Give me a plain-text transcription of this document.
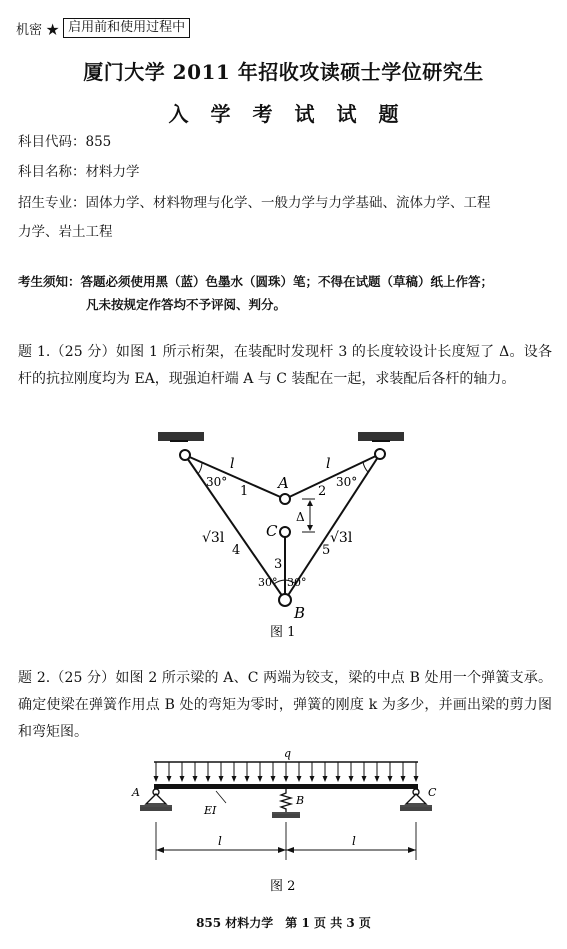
机密 ★ 启用前和使用过程中
厦门大学 2011 年招收攻读硕士学位研究生
入学考试试题
科目代码：855
科目名称：材料力学
招生专业：固体力学、材料物理与化学、一般力学与力学基础、流体力学、工程
力学、岩土工程
考生须知：答题必须使用黑（蓝）色墨水（圆珠）笔；不得在试题（草稿）纸上作答；
凡未按规定作答均不予评阅、判分。
题 1.（25 分）如图 1 所示桁架，在装配时发现杆 3 的长度较设计长度短了 Δ。设各杆的抗拉刚度均为 EA，现强迫杆端 A 与 C 装配在一起，求装配后各杆的轴力。
l	l
30°	30°
1	2
A
C
Δ
√3l	√3l
4	5
3
30° 30°
B
图 1
题 2.（25 分）如图 2 所示梁的 A、C 两端为铰支，梁的中点 B 处用一个弹簧支承。确定使梁在弹簧作用点 B 处的弯矩为零时，弹簧的刚度 k 为多少，并画出梁的剪力图和弯矩图。
q
A	C
B
EI
l	l
图 2
855 材料力学　第 1 页 共 3 页
